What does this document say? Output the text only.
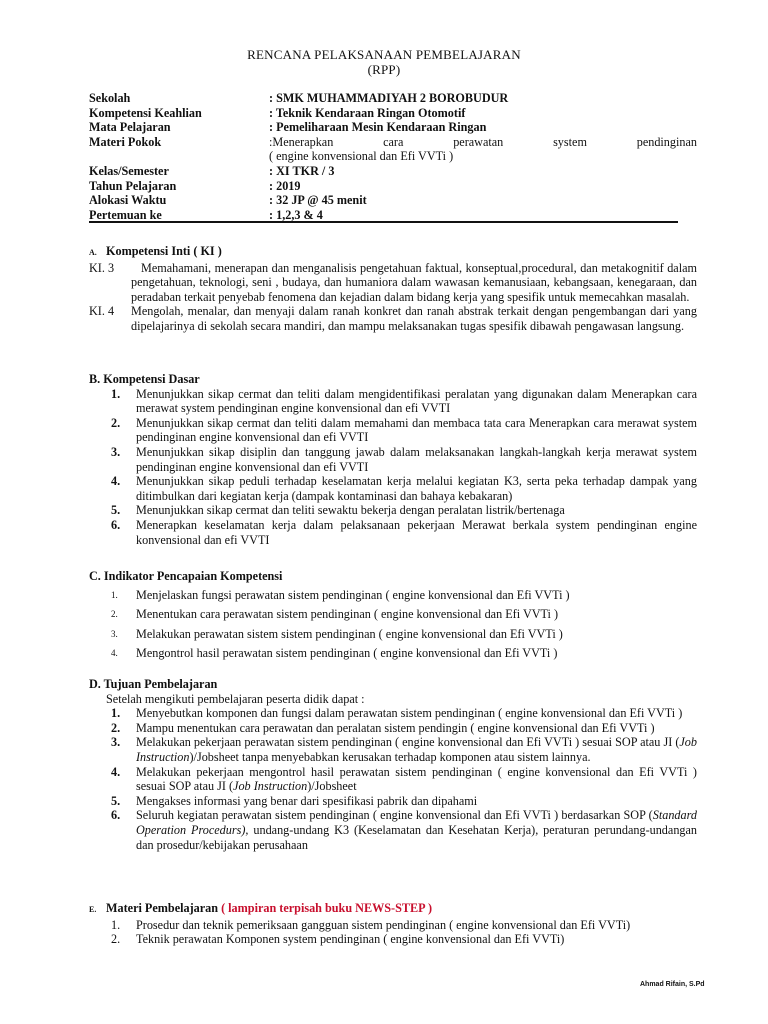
RENCANA PELAKSANAAN PEMBELAJARAN
(RPP)
Sekolah	: SMK MUHAMMADIYAH 2 BOROBUDUR
Kompetensi Keahlian	: Teknik Kendaraan Ringan Otomotif
Mata Pelajaran	: Pemeliharaan Mesin Kendaraan Ringan
Materi Pokok	:Menerapkan	cara	perawatan	system	pendinginan
( engine konvensional dan Efi VVTi )
Kelas/Semester	: XI TKR / 3
Tahun Pelajaran	: 2019
Alokasi Waktu	: 32 JP @ 45 menit
Pertemuan ke	: 1,2,3 & 4
A. Kompetensi Inti ( KI )
KI. 3	Memahamani, menerapan dan menganalisis pengetahuan faktual, konseptual,procedural, dan metakognitif dalam pengetahuan, teknologi, seni , budaya, dan humaniora dalam wawasan kemanusiaan, kebangsaan, kenegaraan, dan peradaban terkait penyebab fenomena dan kejadian dalam bidang kerja yang spesifik untuk memecahkan masalah.
KI. 4	Mengolah, menalar, dan menyaji dalam ranah konkret dan ranah abstrak terkait dengan pengembangan dari yang dipelajarinya di sekolah secara mandiri, dan mampu melaksanakan tugas spesifik dibawah pengawasan langsung.
B. Kompetensi Dasar
1.	Menunjukkan sikap cermat dan teliti dalam mengidentifikasi peralatan yang digunakan dalam Menerapkan cara merawat system pendinginan engine konvensional dan efi VVTI
2.	Menunjukkan sikap cermat dan teliti dalam memahami dan membaca tata cara Menerapkan cara merawat system pendinginan engine konvensional dan efi VVTI
3.	Menunjukkan sikap disiplin dan tanggung jawab dalam melaksanakan langkah-langkah kerja merawat system pendinginan engine konvensional dan efi VVTI
4.	Menunjukkan sikap peduli terhadap keselamatan kerja melalui kegiatan K3, serta peka terhadap dampak yang ditimbulkan dari kegiatan kerja (dampak kontaminasi dan bahaya kebakaran)
5.	Menunjukkan sikap cermat dan teliti sewaktu bekerja dengan peralatan listrik/bertenaga
6.	Menerapkan keselamatan kerja dalam pelaksanaan pekerjaan Merawat berkala system pendinginan engine konvensional dan efi VVTI
C. Indikator Pencapaian Kompetensi
1.	Menjelaskan fungsi perawatan sistem pendinginan ( engine konvensional dan Efi VVTi )
2.	Menentukan cara perawatan sistem pendinginan ( engine konvensional dan Efi VVTi )
3.	Melakukan perawatan sistem sistem pendinginan ( engine konvensional dan Efi VVTi )
4.	Mengontrol hasil perawatan sistem pendinginan ( engine konvensional dan Efi VVTi )
D. Tujuan Pembelajaran
Setelah mengikuti pembelajaran peserta didik dapat :
1.	Menyebutkan komponen dan fungsi dalam perawatan sistem pendinginan ( engine konvensional dan Efi VVTi )
2.	Mampu menentukan cara perawatan dan peralatan sistem pendingin ( engine konvensional dan Efi VVTi )
3.	Melakukan pekerjaan perawatan sistem pendinginan ( engine konvensional dan Efi VVTi ) sesuai SOP atau JI (Job Instruction)/Jobsheet tanpa menyebabkan kerusakan terhadap komponen atau sistem lainnya.
4.	Melakukan pekerjaan mengontrol hasil perawatan sistem pendinginan ( engine konvensional dan Efi VVTi ) sesuai SOP atau JI (Job Instruction)/Jobsheet
5.	Mengakses informasi yang benar dari spesifikasi pabrik dan dipahami
6.	Seluruh kegiatan perawatan sistem pendinginan ( engine konvensional dan Efi VVTi ) berdasarkan SOP (Standard Operation Procedurs), undang-undang K3 (Keselamatan dan Kesehatan Kerja), peraturan perundang-undangan dan prosedur/kebijakan perusahaan
E. Materi Pembelajaran ( lampiran terpisah buku NEWS-STEP )
1.	Prosedur dan teknik pemeriksaan gangguan sistem pendinginan ( engine konvensional dan Efi VVTi)
2.	Teknik perawatan Komponen system pendinginan ( engine konvensional dan Efi VVTi)
Ahmad Rifain, S.Pd
